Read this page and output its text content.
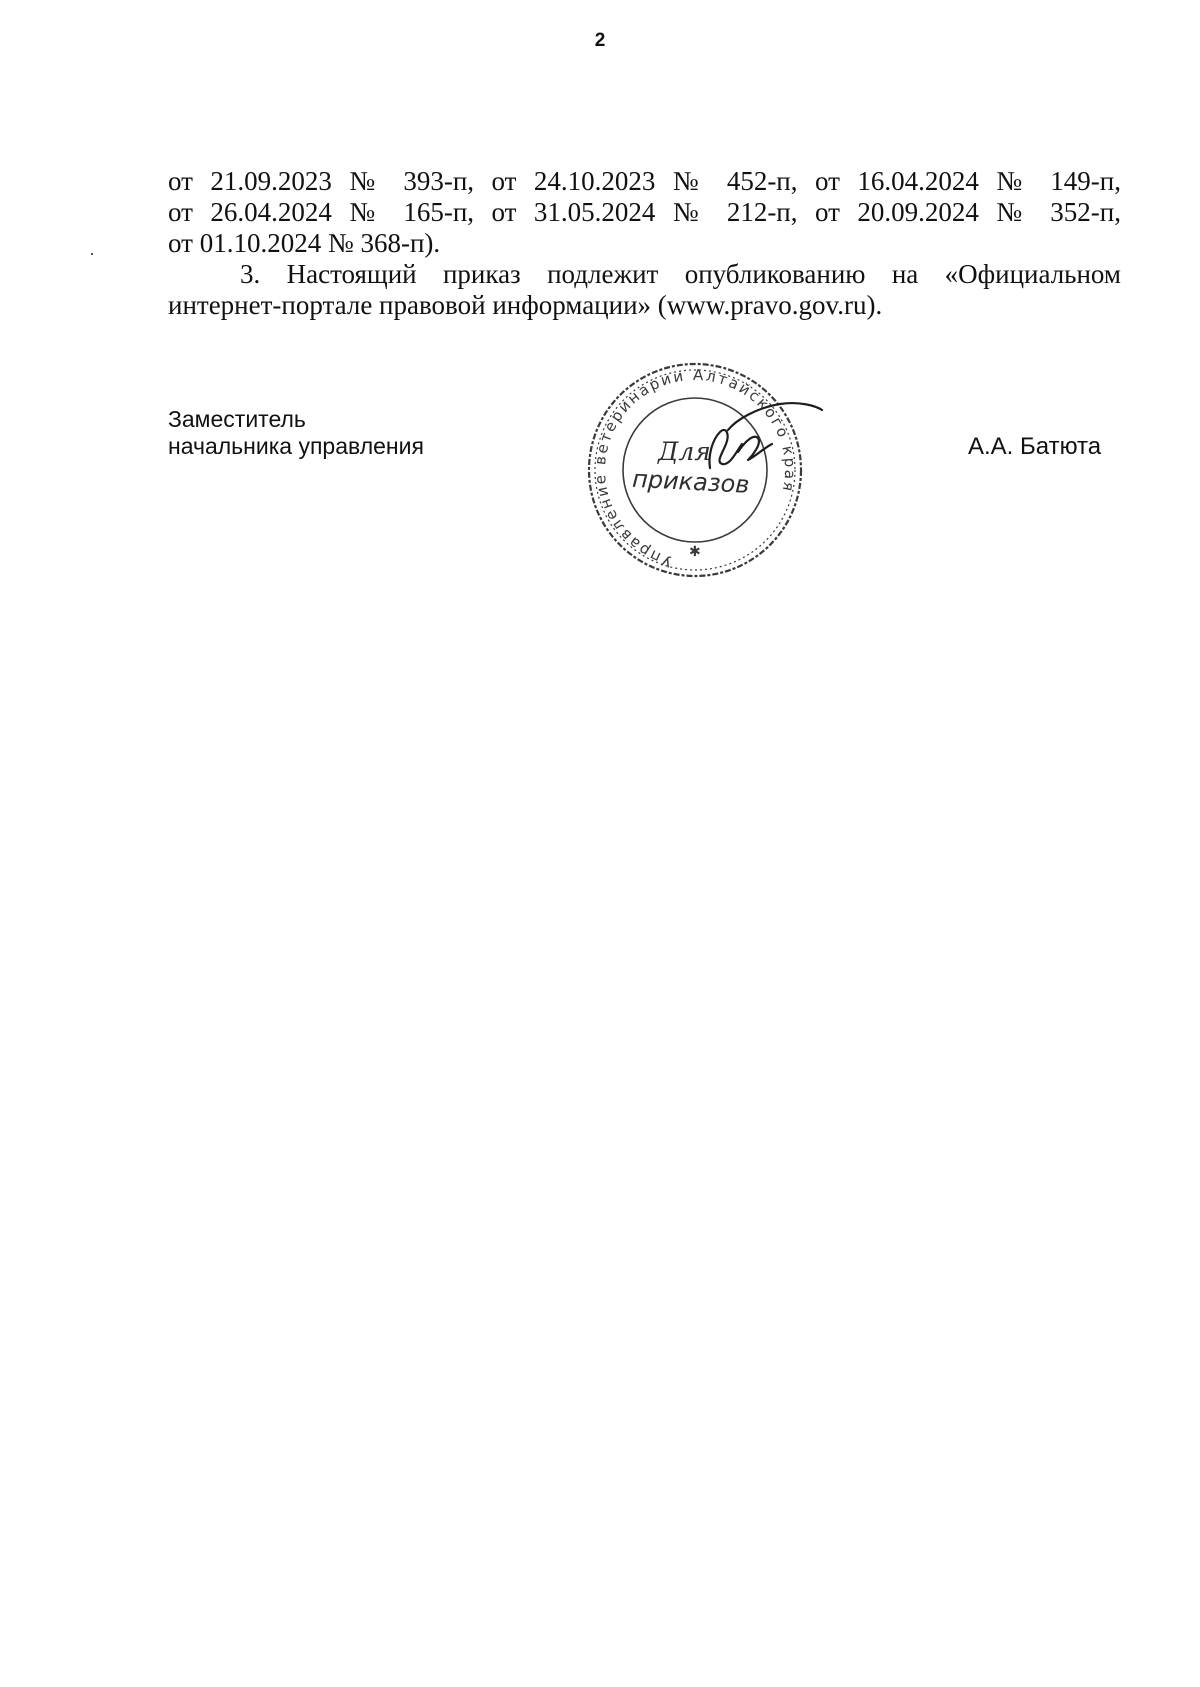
2

от 21.09.2023 № 393-п, от 24.10.2023 № 452-п, от 16.04.2024 № 149-п,
от 26.04.2024 № 165-п, от 31.05.2024 № 212-п, от 20.09.2024 № 352-п,
от 01.10.2024 № 368-п).

3. Настоящий приказ подлежит опубликованию на «Официальном
интернет-портале правовой информации» (www.pravo.gov.ru).

Заместитель
начальника управления
Управление ветеринарии Алтайского края
Для
приказов
✱
А.А. Батюта
